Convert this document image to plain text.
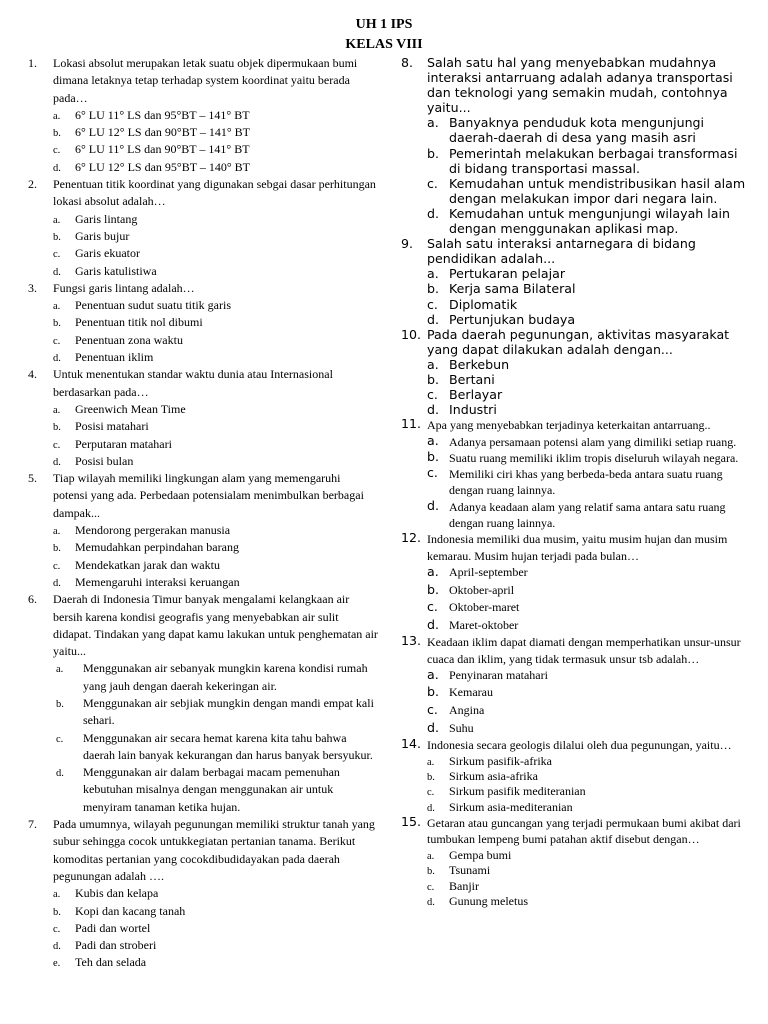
UH 1 IPS
KELAS VIII
1. Lokasi absolut merupakan letak suatu objek dipermukaan bumi dimana letaknya tetap terhadap system koordinat yaitu berada pada…
a. 6° LU 11° LS dan 95°BT – 141° BT
b. 6° LU 12° LS dan 90°BT – 141° BT
c. 6° LU 11° LS dan 90°BT – 141° BT
d. 6° LU 12° LS dan 95°BT – 140° BT
2. Penentuan titik koordinat yang digunakan sebgai dasar perhitungan lokasi absolut adalah…
a. Garis lintang
b. Garis bujur
c. Garis ekuator
d. Garis katulistiwa
3. Fungsi garis lintang adalah…
a. Penentuan sudut suatu titik garis
b. Penentuan titik nol dibumi
c. Penentuan zona waktu
d. Penentuan iklim
4. Untuk menentukan standar waktu dunia atau Internasional berdasarkan pada…
a. Greenwich Mean Time
b. Posisi matahari
c. Perputaran matahari
d. Posisi bulan
5. Tiap wilayah memiliki lingkungan alam yang memengaruhi potensi yang ada. Perbedaan potensialam menimbulkan berbagai dampak...
a. Mendorong pergerakan manusia
b. Memudahkan perpindahan barang
c. Mendekatkan jarak dan waktu
d. Memengaruhi interaksi keruangan
6. Daerah di Indonesia Timur banyak mengalami kelangkaan air bersih karena kondisi geografis yang menyebabkan air sulit didapat. Tindakan yang dapat kamu lakukan untuk penghematan air yaitu...
a. Menggunakan air sebanyak mungkin karena kondisi rumah yang jauh dengan daerah kekeringan air.
b. Menggunakan air sebjiak mungkin dengan mandi empat kali sehari.
c. Menggunakan air secara hemat karena kita tahu bahwa daerah lain banyak kekurangan dan harus banyak bersyukur.
d. Menggunakan air dalam berbagai macam pemenuhan kebutuhan misalnya dengan menggunakan air untuk menyiram tanaman ketika hujan.
7. Pada umumnya, wilayah pegunungan memiliki struktur tanah yang subur sehingga cocok untukkegiatan pertanian tanama. Berikut komoditas pertanian yang cocokdibudidayakan pada daerah pegunungan adalah ….
a. Kubis dan kelapa
b. Kopi dan kacang tanah
c. Padi dan wortel
d. Padi dan stroberi
e. Teh dan selada
8. Salah satu hal yang menyebabkan mudahnya interaksi antarruang adalah adanya transportasi dan teknologi yang semakin mudah, contohnya yaitu...
a. Banyaknya penduduk kota mengunjungi daerah-daerah di desa yang masih asri
b. Pemerintah melakukan berbagai transformasi di bidang transportasi massal.
c. Kemudahan untuk mendistribusikan hasil alam dengan melakukan impor dari negara lain.
d. Kemudahan untuk mengunjungi wilayah lain dengan menggunakan aplikasi map.
9. Salah satu interaksi antarnegara di bidang pendidikan adalah...
a. Pertukaran pelajar
b. Kerja sama Bilateral
c. Diplomatik
d. Pertunjukan budaya
10. Pada daerah pegunungan, aktivitas masyarakat yang dapat dilakukan adalah dengan...
a. Berkebun
b. Bertani
c. Berlayar
d. Industri
11. Apa yang menyebabkan terjadinya keterkaitan antarruang..
a. Adanya persamaan potensi alam yang dimiliki setiap ruang.
b. Suatu ruang memiliki iklim tropis diseluruh wilayah negara.
c. Memiliki ciri khas yang berbeda-beda antara suatu ruang dengan ruang lainnya.
d. Adanya keadaan alam yang relatif sama antara satu ruang dengan ruang lainnya.
12. Indonesia memiliki dua musim, yaitu musim hujan dan musim kemarau. Musim hujan terjadi pada bulan…
a. April-september
b. Oktober-april
c. Oktober-maret
d. Maret-oktober
13. Keadaan iklim dapat diamati dengan memperhatikan unsur-unsur cuaca dan iklim, yang tidak termasuk unsur tsb adalah…
a. Penyinaran matahari
b. Kemarau
c. Angina
d. Suhu
14. Indonesia secara geologis dilalui oleh dua pegunungan, yaitu…
a. Sirkum pasifik-afrika
b. Sirkum asia-afrika
c. Sirkum pasifik mediteranian
d. Sirkum asia-mediteranian
15. Getaran atau guncangan yang terjadi permukaan bumi akibat dari tumbukan lempeng bumi patahan aktif disebut dengan…
a. Gempa bumi
b. Tsunami
c. Banjir
d. Gunung meletus
